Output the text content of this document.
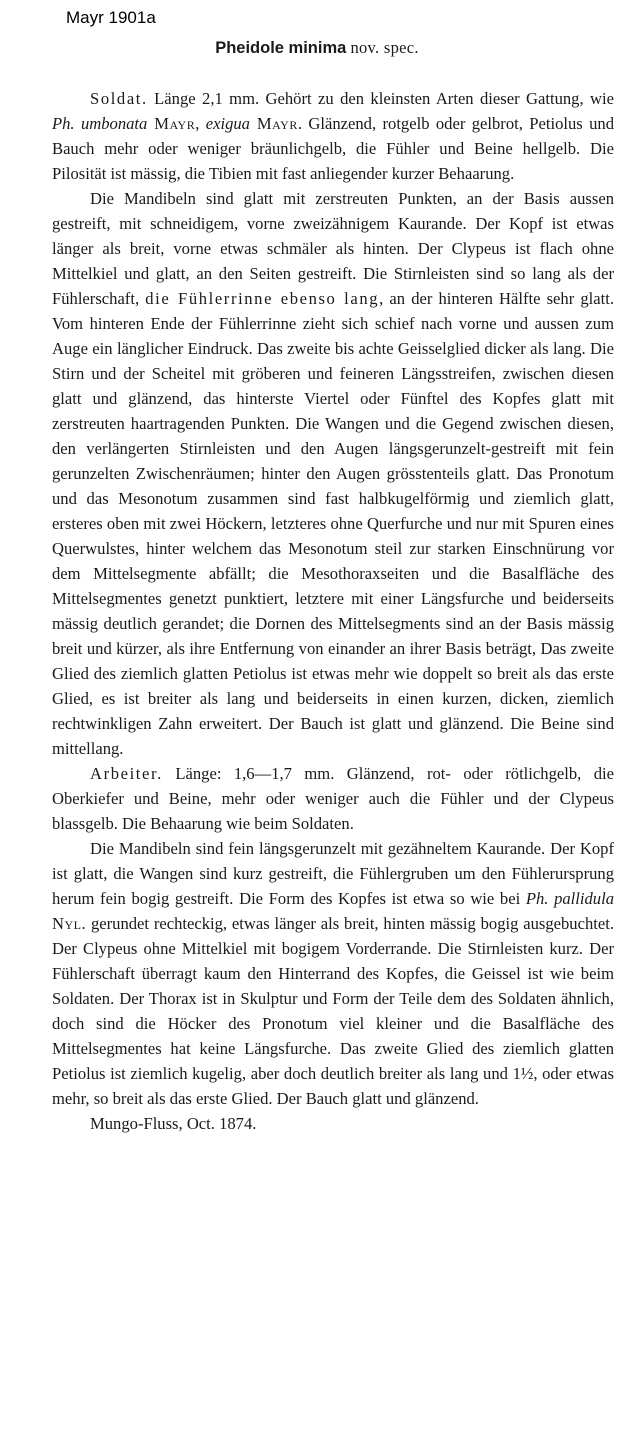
Mayr 1901a
Pheidole minima nov. spec.

Soldat. Länge 2,1 mm. Gehört zu den kleinsten Arten dieser Gattung, wie Ph. umbonata Mayr, exigua Mayr. Glänzend, rotgelb oder gelbrot, Petiolus und Bauch mehr oder weniger bräunlichgelb, die Fühler und Beine hellgelb. Die Pilosität ist mässig, die Tibien mit fast anliegender kurzer Behaarung.

Die Mandibeln sind glatt mit zerstreuten Punkten, an der Basis aussen gestreift, mit schneidigem, vorne zweizähnigem Kaurande. Der Kopf ist etwas länger als breit, vorne etwas schmäler als hinten. Der Clypeus ist flach ohne Mittelkiel und glatt, an den Seiten gestreift. Die Stirnleisten sind so lang als der Fühlerschaft, die Fühlerrinne ebenso lang, an der hinteren Hälfte sehr glatt. Vom hinteren Ende der Fühlerrinne zieht sich schief nach vorne und aussen zum Auge ein länglicher Eindruck. Das zweite bis achte Geisselglied dicker als lang. Die Stirn und der Scheitel mit gröberen und feineren Längsstreifen, zwischen diesen glatt und glänzend, das hinterste Viertel oder Fünftel des Kopfes glatt mit zerstreuten haartragenden Punkten. Die Wangen und die Gegend zwischen diesen, den verlängerten Stirnleisten und den Augen längsgerunzelt-gestreift mit fein gerunzelten Zwischenräumen; hinter den Augen grösstenteils glatt. Das Pronotum und das Mesonotum zusammen sind fast halbkugelförmig und ziemlich glatt, ersteres oben mit zwei Höckern, letzteres ohne Querfurche und nur mit Spuren eines Querwulstes, hinter welchem das Mesonotum steil zur starken Einschnürung vor dem Mittelsegmente abfällt; die Mesothoraxseiten und die Basalfläche des Mittelsegmentes genetzt punktiert, letztere mit einer Längsfurche und beiderseits mässig deutlich gerandet; die Dornen des Mittelsegments sind an der Basis mässig breit und kürzer, als ihre Entfernung von einander an ihrer Basis beträgt, Das zweite Glied des ziemlich glatten Petiolus ist etwas mehr wie doppelt so breit als das erste Glied, es ist breiter als lang und beiderseits in einen kurzen, dicken, ziemlich rechtwinkligen Zahn erweitert. Der Bauch ist glatt und glänzend. Die Beine sind mittellang.

Arbeiter. Länge: 1,6—1,7 mm. Glänzend, rot- oder rötlichgelb, die Oberkiefer und Beine, mehr oder weniger auch die Fühler und der Clypeus blassgelb. Die Behaarung wie beim Soldaten.

Die Mandibeln sind fein längsgerunzelt mit gezähneltem Kaurande. Der Kopf ist glatt, die Wangen sind kurz gestreift, die Fühlergruben um den Fühlerursprung herum fein bogig gestreift. Die Form des Kopfes ist etwa so wie bei Ph. pallidula Nyl. gerundet rechteckig, etwas länger als breit, hinten mässig bogig ausgebuchtet. Der Clypeus ohne Mittelkiel mit bogigem Vorderrande. Die Stirnleisten kurz. Der Fühlerschaft überragt kaum den Hinterrand des Kopfes, die Geissel ist wie beim Soldaten. Der Thorax ist in Skulptur und Form der Teile dem des Soldaten ähnlich, doch sind die Höcker des Pronotum viel kleiner und die Basalfläche des Mittelsegmentes hat keine Längsfurche. Das zweite Glied des ziemlich glatten Petiolus ist ziemlich kugelig, aber doch deutlich breiter als lang und 1½, oder etwas mehr, so breit als das erste Glied. Der Bauch glatt und glänzend.

Mungo-Fluss, Oct. 1874.
